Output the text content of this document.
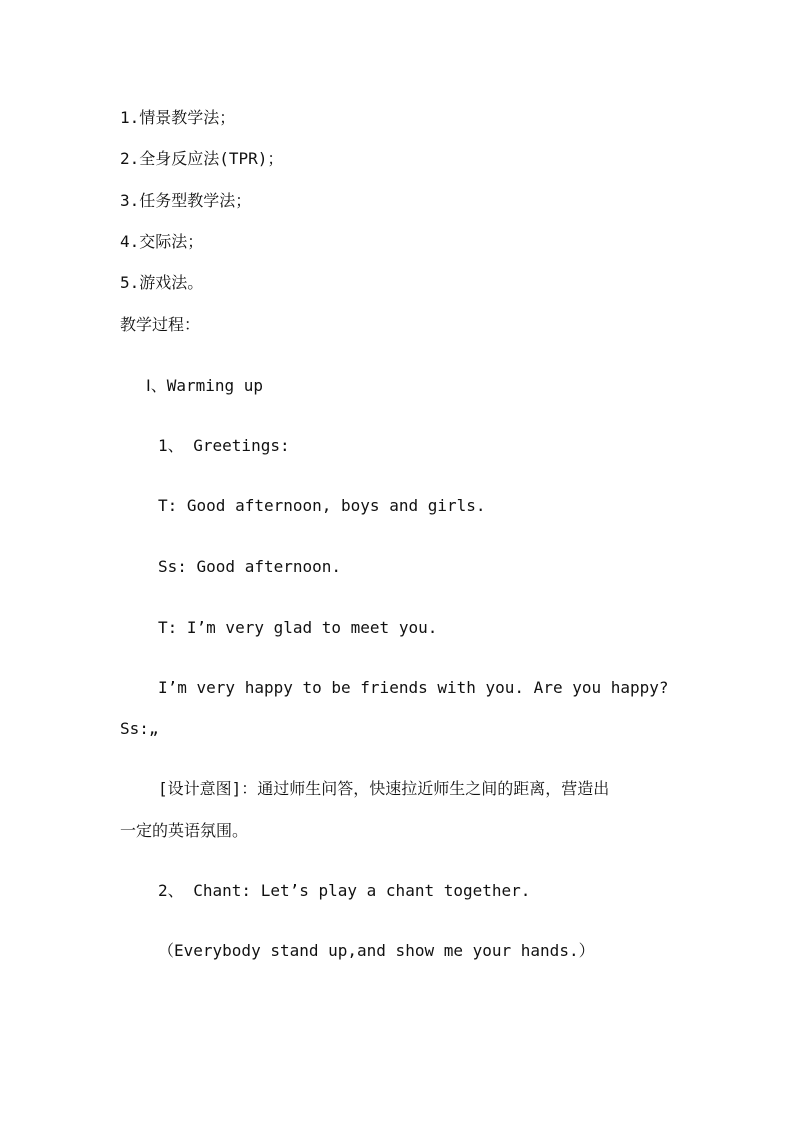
1.情景教学法；
2.全身反应法(TPR)；
3.任务型教学法；
4.交际法；
5.游戏法。
教学过程：
Ⅰ、Warming up
1、 Greetings:
T: Good afternoon, boys and girls.
Ss: Good afternoon.
T: I’m very glad to meet you.
I’m very happy to be friends with you. Are you happy?
Ss:„
[设计意图]：通过师生问答，快速拉近师生之间的距离，营造出
一定的英语氛围。
2、 Chant: Let’s play a chant together.
（Everybody stand up,and show me your hands.）
